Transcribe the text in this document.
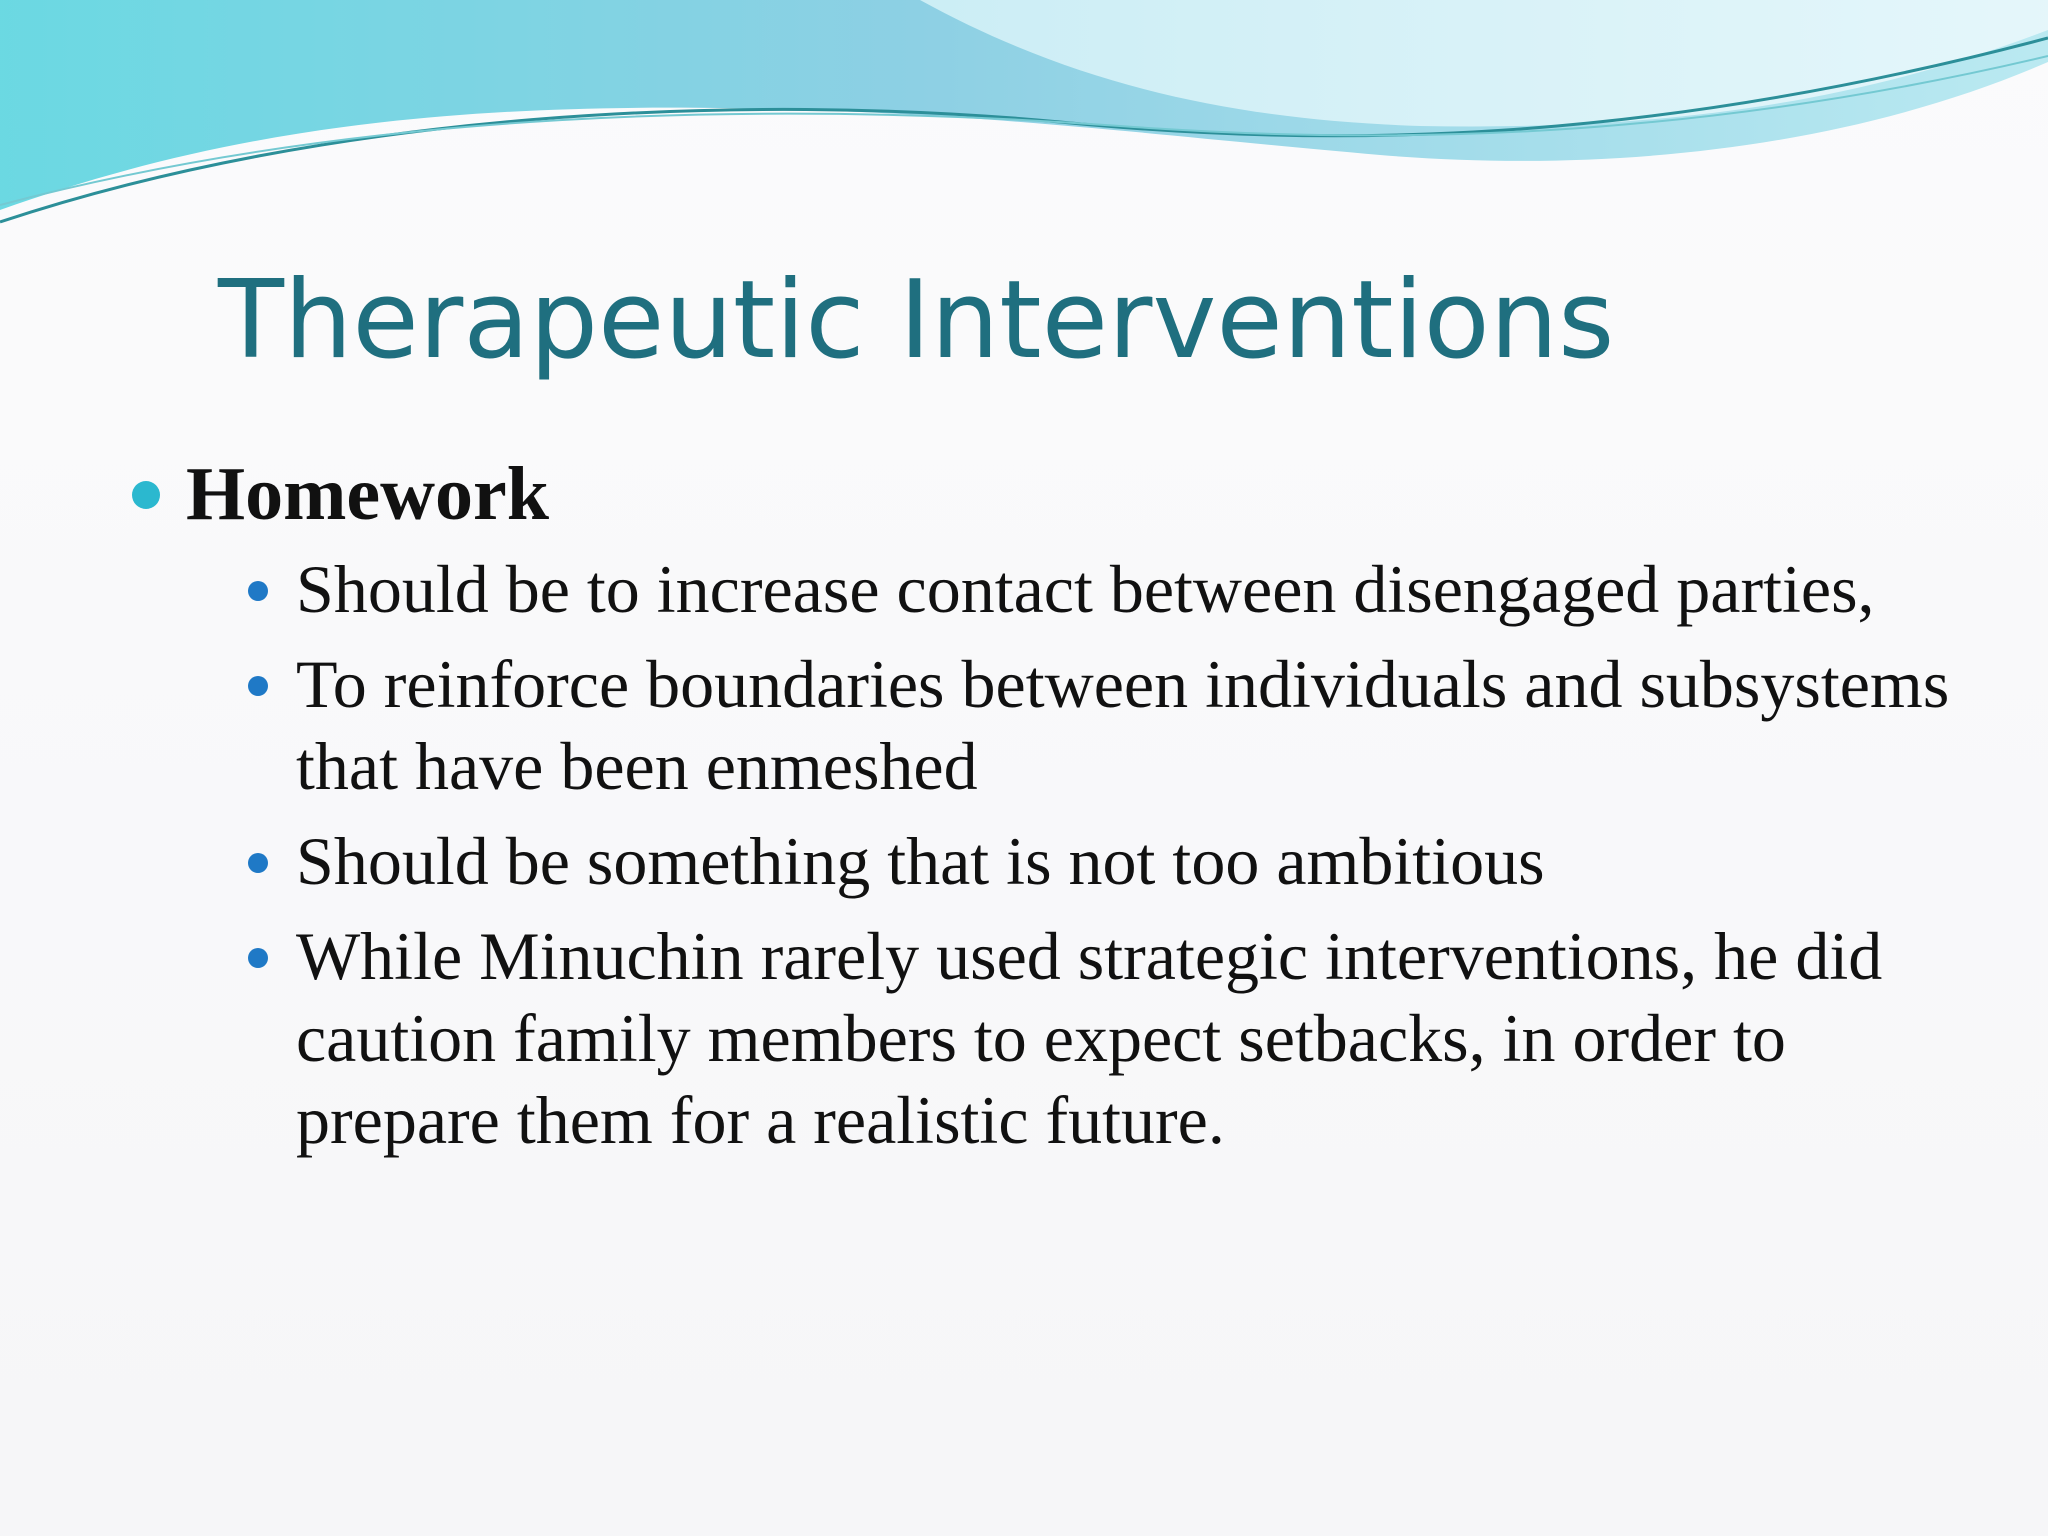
Therapeutic Interventions
Homework
Should be to increase contact between disengaged parties,
To reinforce boundaries between individuals and subsystems that have been enmeshed
Should be something that is not too ambitious
While Minuchin rarely used strategic interventions, he did caution family members to expect setbacks, in order to prepare them for a realistic future.
